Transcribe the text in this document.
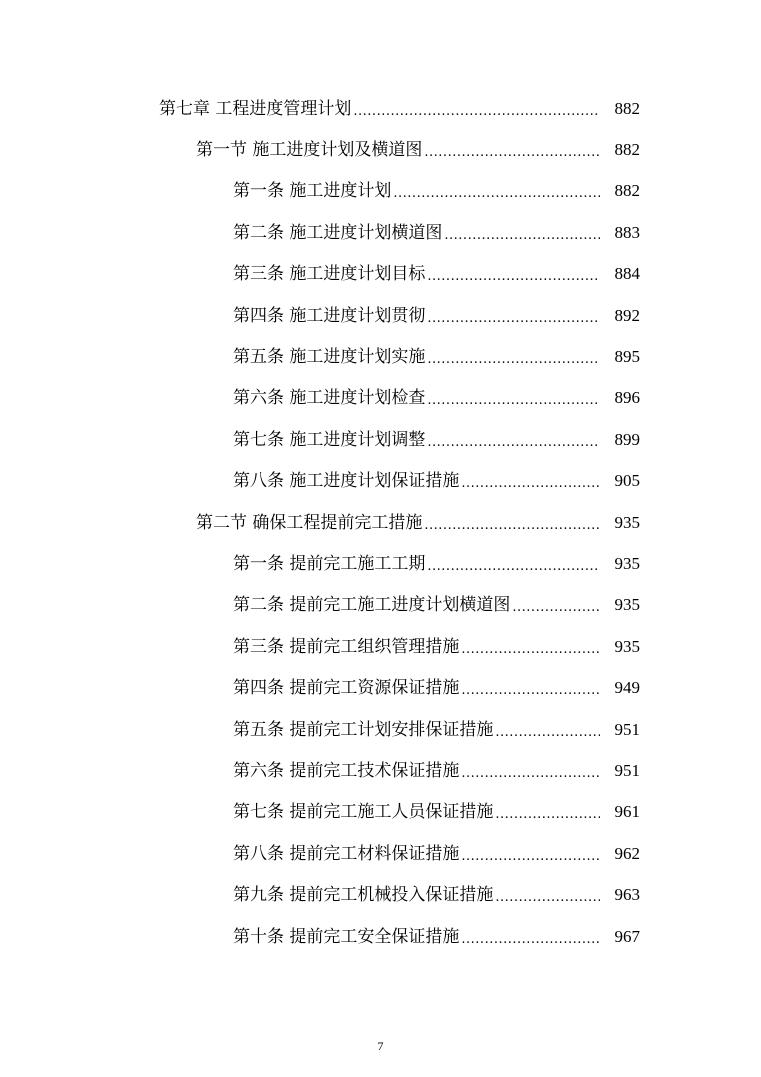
第七章 工程进度管理计划 .....	882
第一节 施工进度计划及横道图 .....	882
第一条 施工进度计划 .....	882
第二条 施工进度计划横道图 .....	883
第三条 施工进度计划目标 .....	884
第四条 施工进度计划贯彻 .....	892
第五条 施工进度计划实施 .....	895
第六条 施工进度计划检查 .....	896
第七条 施工进度计划调整 .....	899
第八条 施工进度计划保证措施 .....	905
第二节 确保工程提前完工措施 .....	935
第一条 提前完工施工工期 .....	935
第二条 提前完工施工进度计划横道图 .....	935
第三条 提前完工组织管理措施 .....	935
第四条 提前完工资源保证措施 .....	949
第五条 提前完工计划安排保证措施 .....	951
第六条 提前完工技术保证措施 .....	951
第七条 提前完工施工人员保证措施 .....	961
第八条 提前完工材料保证措施 .....	962
第九条 提前完工机械投入保证措施 .....	963
第十条 提前完工安全保证措施 .....	967
7
